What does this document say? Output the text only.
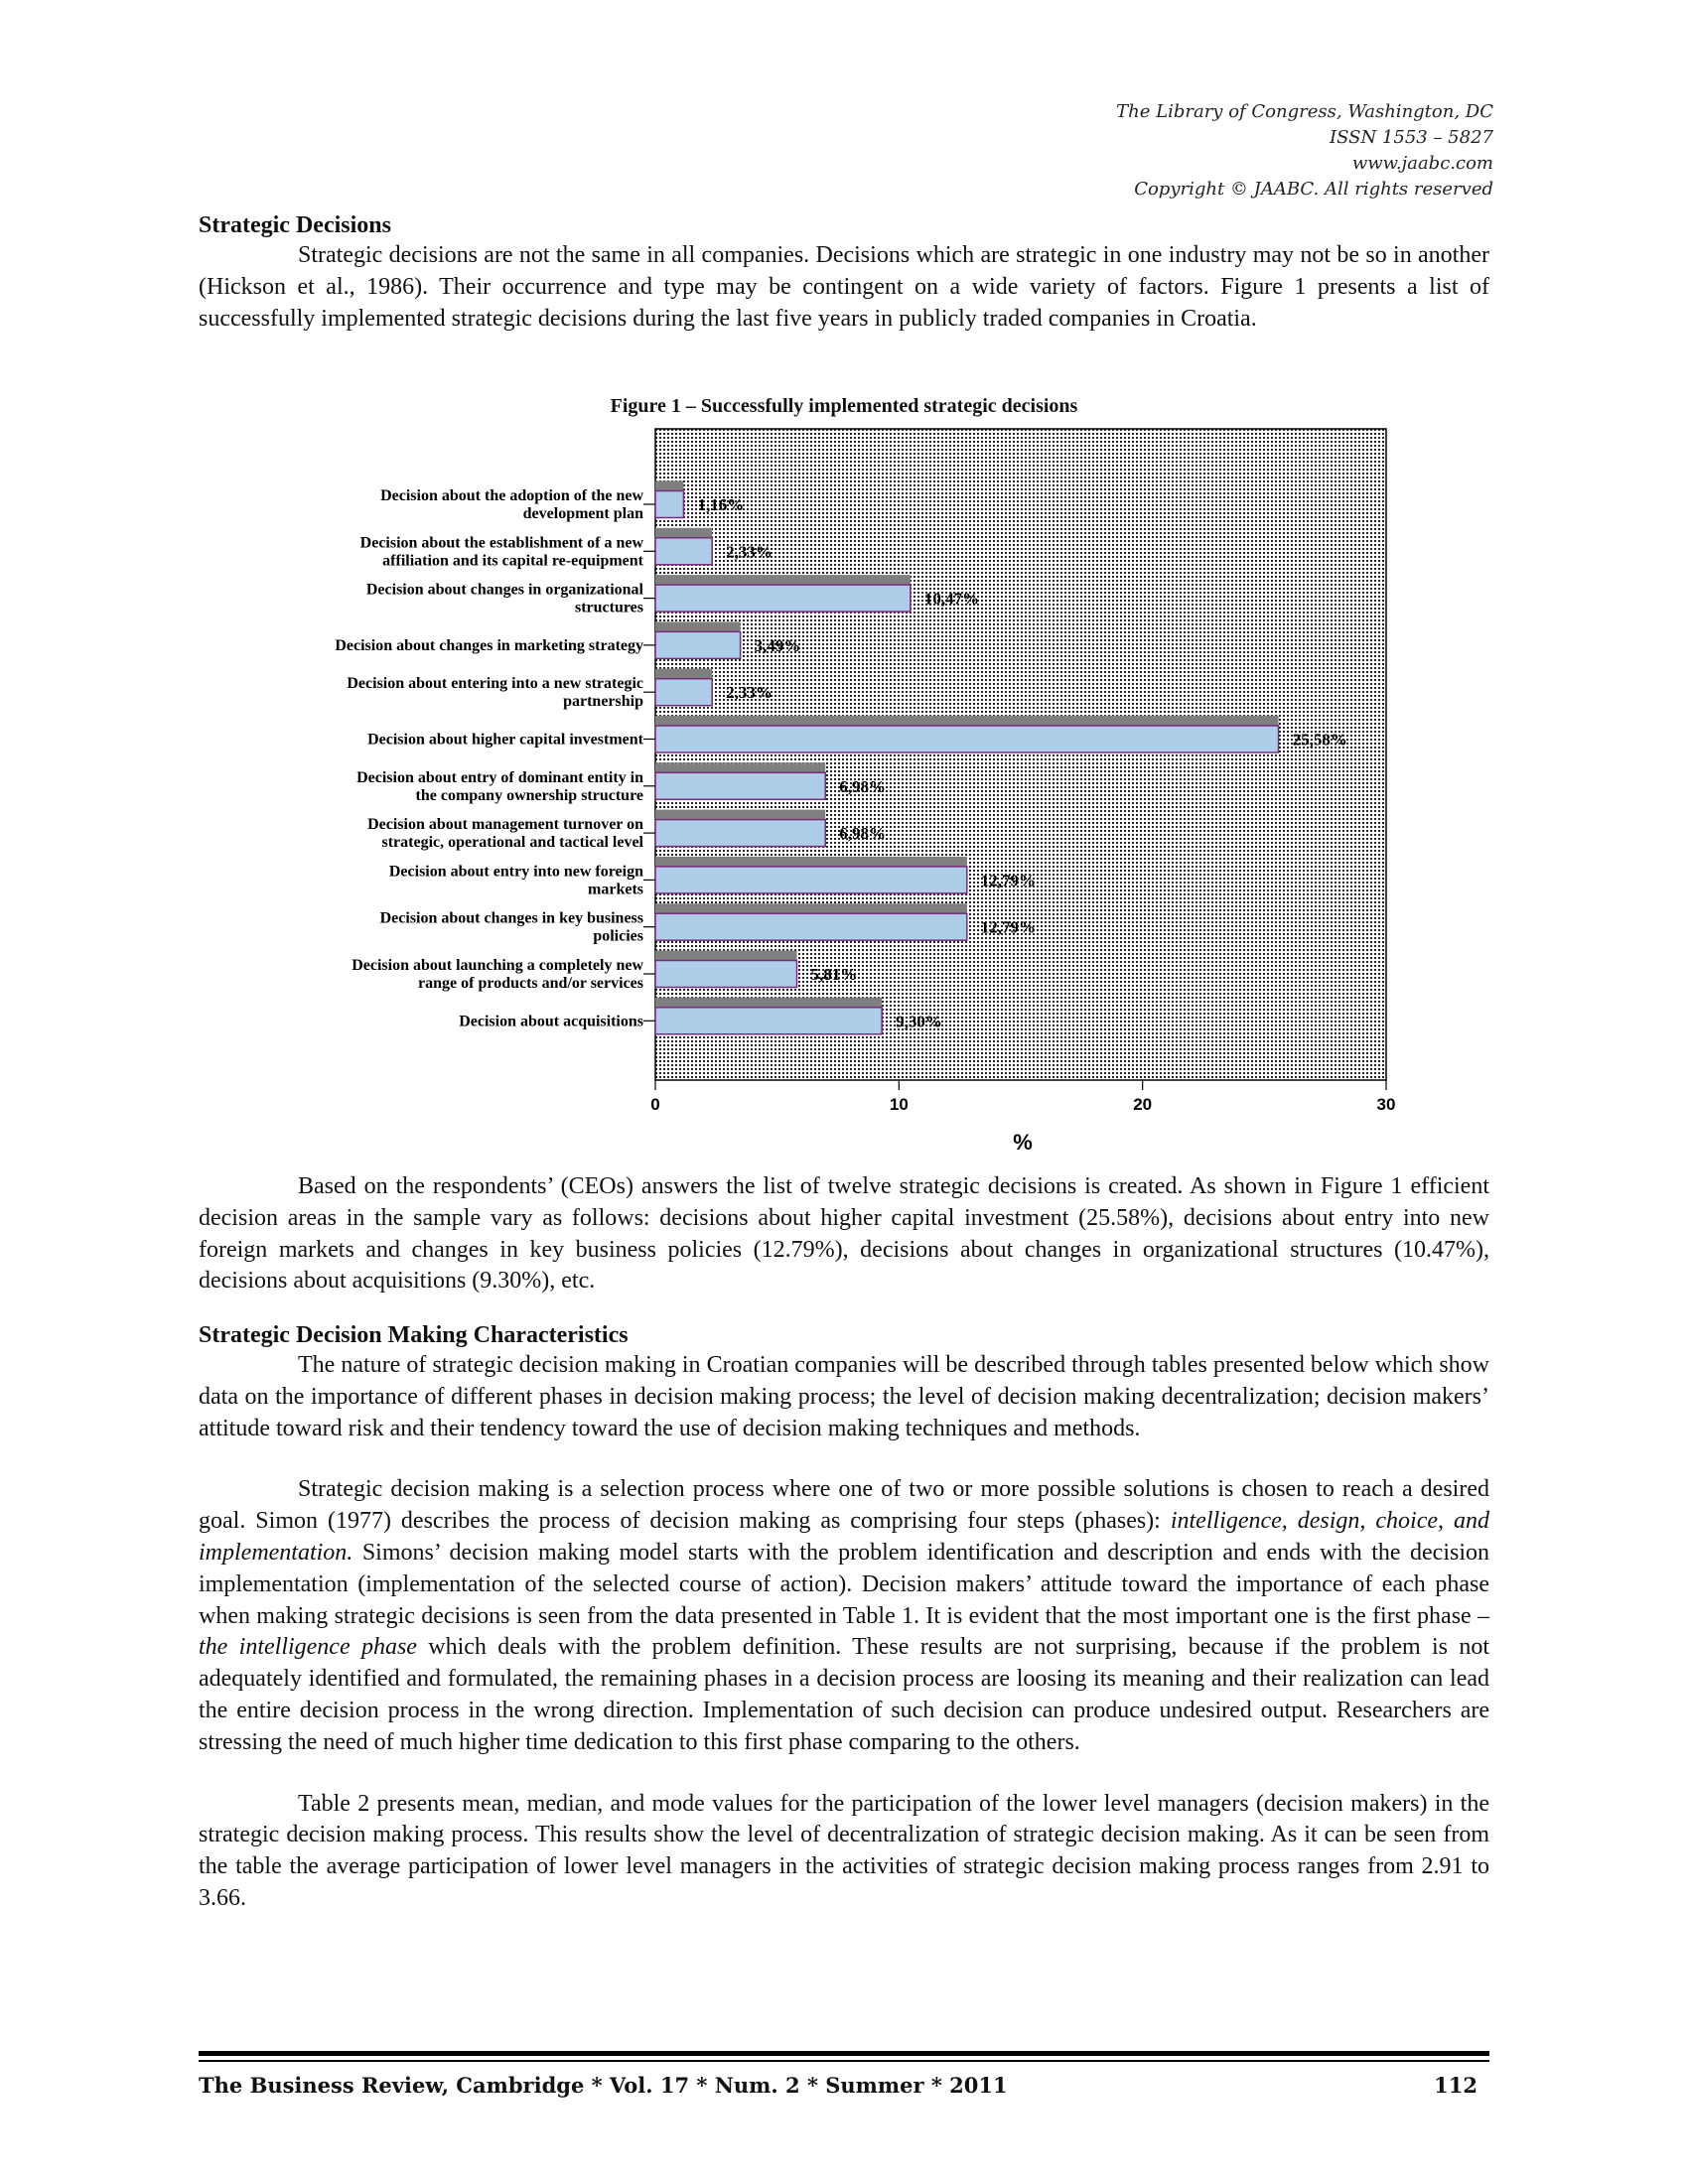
The Library of Congress, Washington, DC
ISSN 1553 – 5827
www.jaabc.com
Copyright © JAABC. All rights reserved
Strategic Decisions

Strategic decisions are not the same in all companies. Decisions which are strategic in one industry may not be so in another (Hickson et al., 1986). Their occurrence and type may be contingent on a wide variety of factors. Figure 1 presents a list of successfully implemented strategic decisions during the last five years in publicly traded companies in Croatia.

Figure 1 – Successfully implemented strategic decisions
1,16%
Decision about the adoption of the new
development plan
2,33%
Decision about the establishment of a new
affiliation and its capital re-equipment
10,47%
Decision about changes in organizational
structures
3,49%
Decision about changes in marketing strategy
2,33%
Decision about entering into a new strategic
partnership
25,58%
Decision about higher capital investment
6,98%
Decision about entry of dominant entity in
the company ownership structure
6,98%
Decision about management turnover on
strategic, operational and tactical level
12,79%
Decision about entry into new foreign
markets
12,79%
Decision about changes in key business
policies
5,81%
Decision about launching a completely new
range of products and/or services
9,30%
Decision about acquisitions
0	10	20	30
%

Based on the respondents’ (CEOs) answers the list of twelve strategic decisions is created. As shown in Figure 1 efficient decision areas in the sample vary as follows: decisions about higher capital investment (25.58%), decisions about entry into new foreign markets and changes in key business policies (12.79%), decisions about changes in organizational structures (10.47%), decisions about acquisitions (9.30%), etc.

Strategic Decision Making Characteristics

The nature of strategic decision making in Croatian companies will be described through tables presented below which show data on the importance of different phases in decision making process; the level of decision making decentralization; decision makers’ attitude toward risk and their tendency toward the use of decision making techniques and methods.

Strategic decision making is a selection process where one of two or more possible solutions is chosen to reach a desired goal. Simon (1977) describes the process of decision making as comprising four steps (phases): intelligence, design, choice, and implementation. Simons’ decision making model starts with the problem identification and description and ends with the decision implementation (implementation of the selected course of action). Decision makers’ attitude toward the importance of each phase when making strategic decisions is seen from the data presented in Table 1. It is evident that the most important one is the first phase – the intelligence phase which deals with the problem definition. These results are not surprising, because if the problem is not adequately identified and formulated, the remaining phases in a decision process are loosing its meaning and their realization can lead the entire decision process in the wrong direction. Implementation of such decision can produce undesired output. Researchers are stressing the need of much higher time dedication to this first phase comparing to the others.

Table 2 presents mean, median, and mode values for the participation of the lower level managers (decision makers) in the strategic decision making process. This results show the level of decentralization of strategic decision making. As it can be seen from the table the average participation of lower level managers in the activities of strategic decision making process ranges from 2.91 to 3.66.

The Business Review, Cambridge * Vol. 17 * Num. 2 * Summer * 2011	112
